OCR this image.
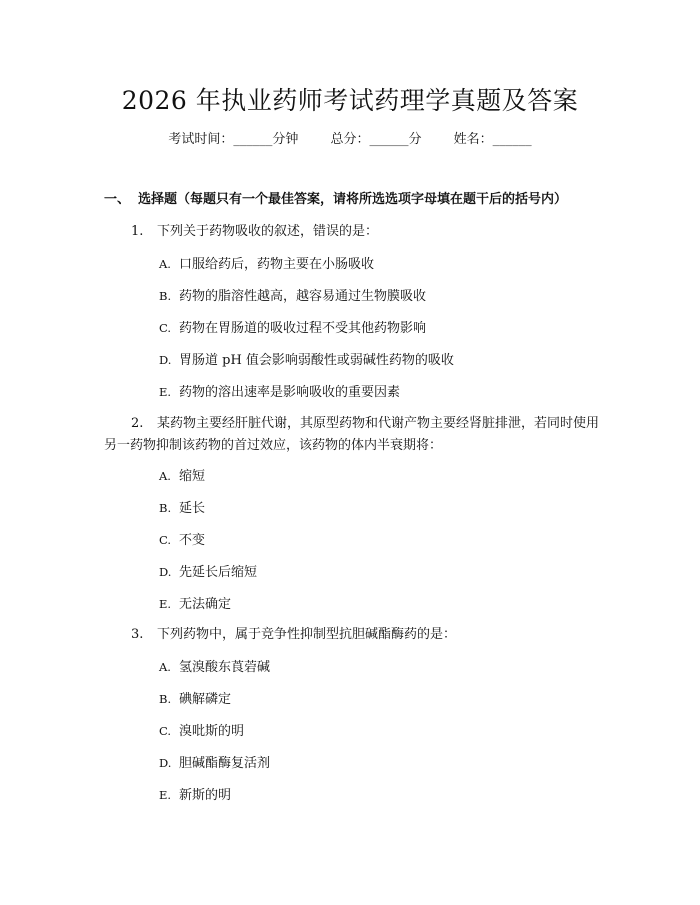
2026 年执业药师考试药理学真题及答案
考试时间：______分钟 总分：______分 姓名：______
一、 选择题（每题只有一个最佳答案，请将所选选项字母填在题干后的括号内）
1. 下列关于药物吸收的叙述，错误的是：
A. 口服给药后，药物主要在小肠吸收
B. 药物的脂溶性越高，越容易通过生物膜吸收
C. 药物在胃肠道的吸收过程不受其他药物影响
D. 胃肠道 pH 值会影响弱酸性或弱碱性药物的吸收
E. 药物的溶出速率是影响吸收的重要因素
2. 某药物主要经肝脏代谢，其原型药物和代谢产物主要经肾脏排泄，若同时使用另一药物抑制该药物的首过效应，该药物的体内半衰期将：
A. 缩短
B. 延长
C. 不变
D. 先延长后缩短
E. 无法确定
3. 下列药物中，属于竞争性抑制型抗胆碱酯酶药的是：
A. 氢溴酸东莨菪碱
B. 碘解磷定
C. 溴吡斯的明
D. 胆碱酯酶复活剂
E. 新斯的明
